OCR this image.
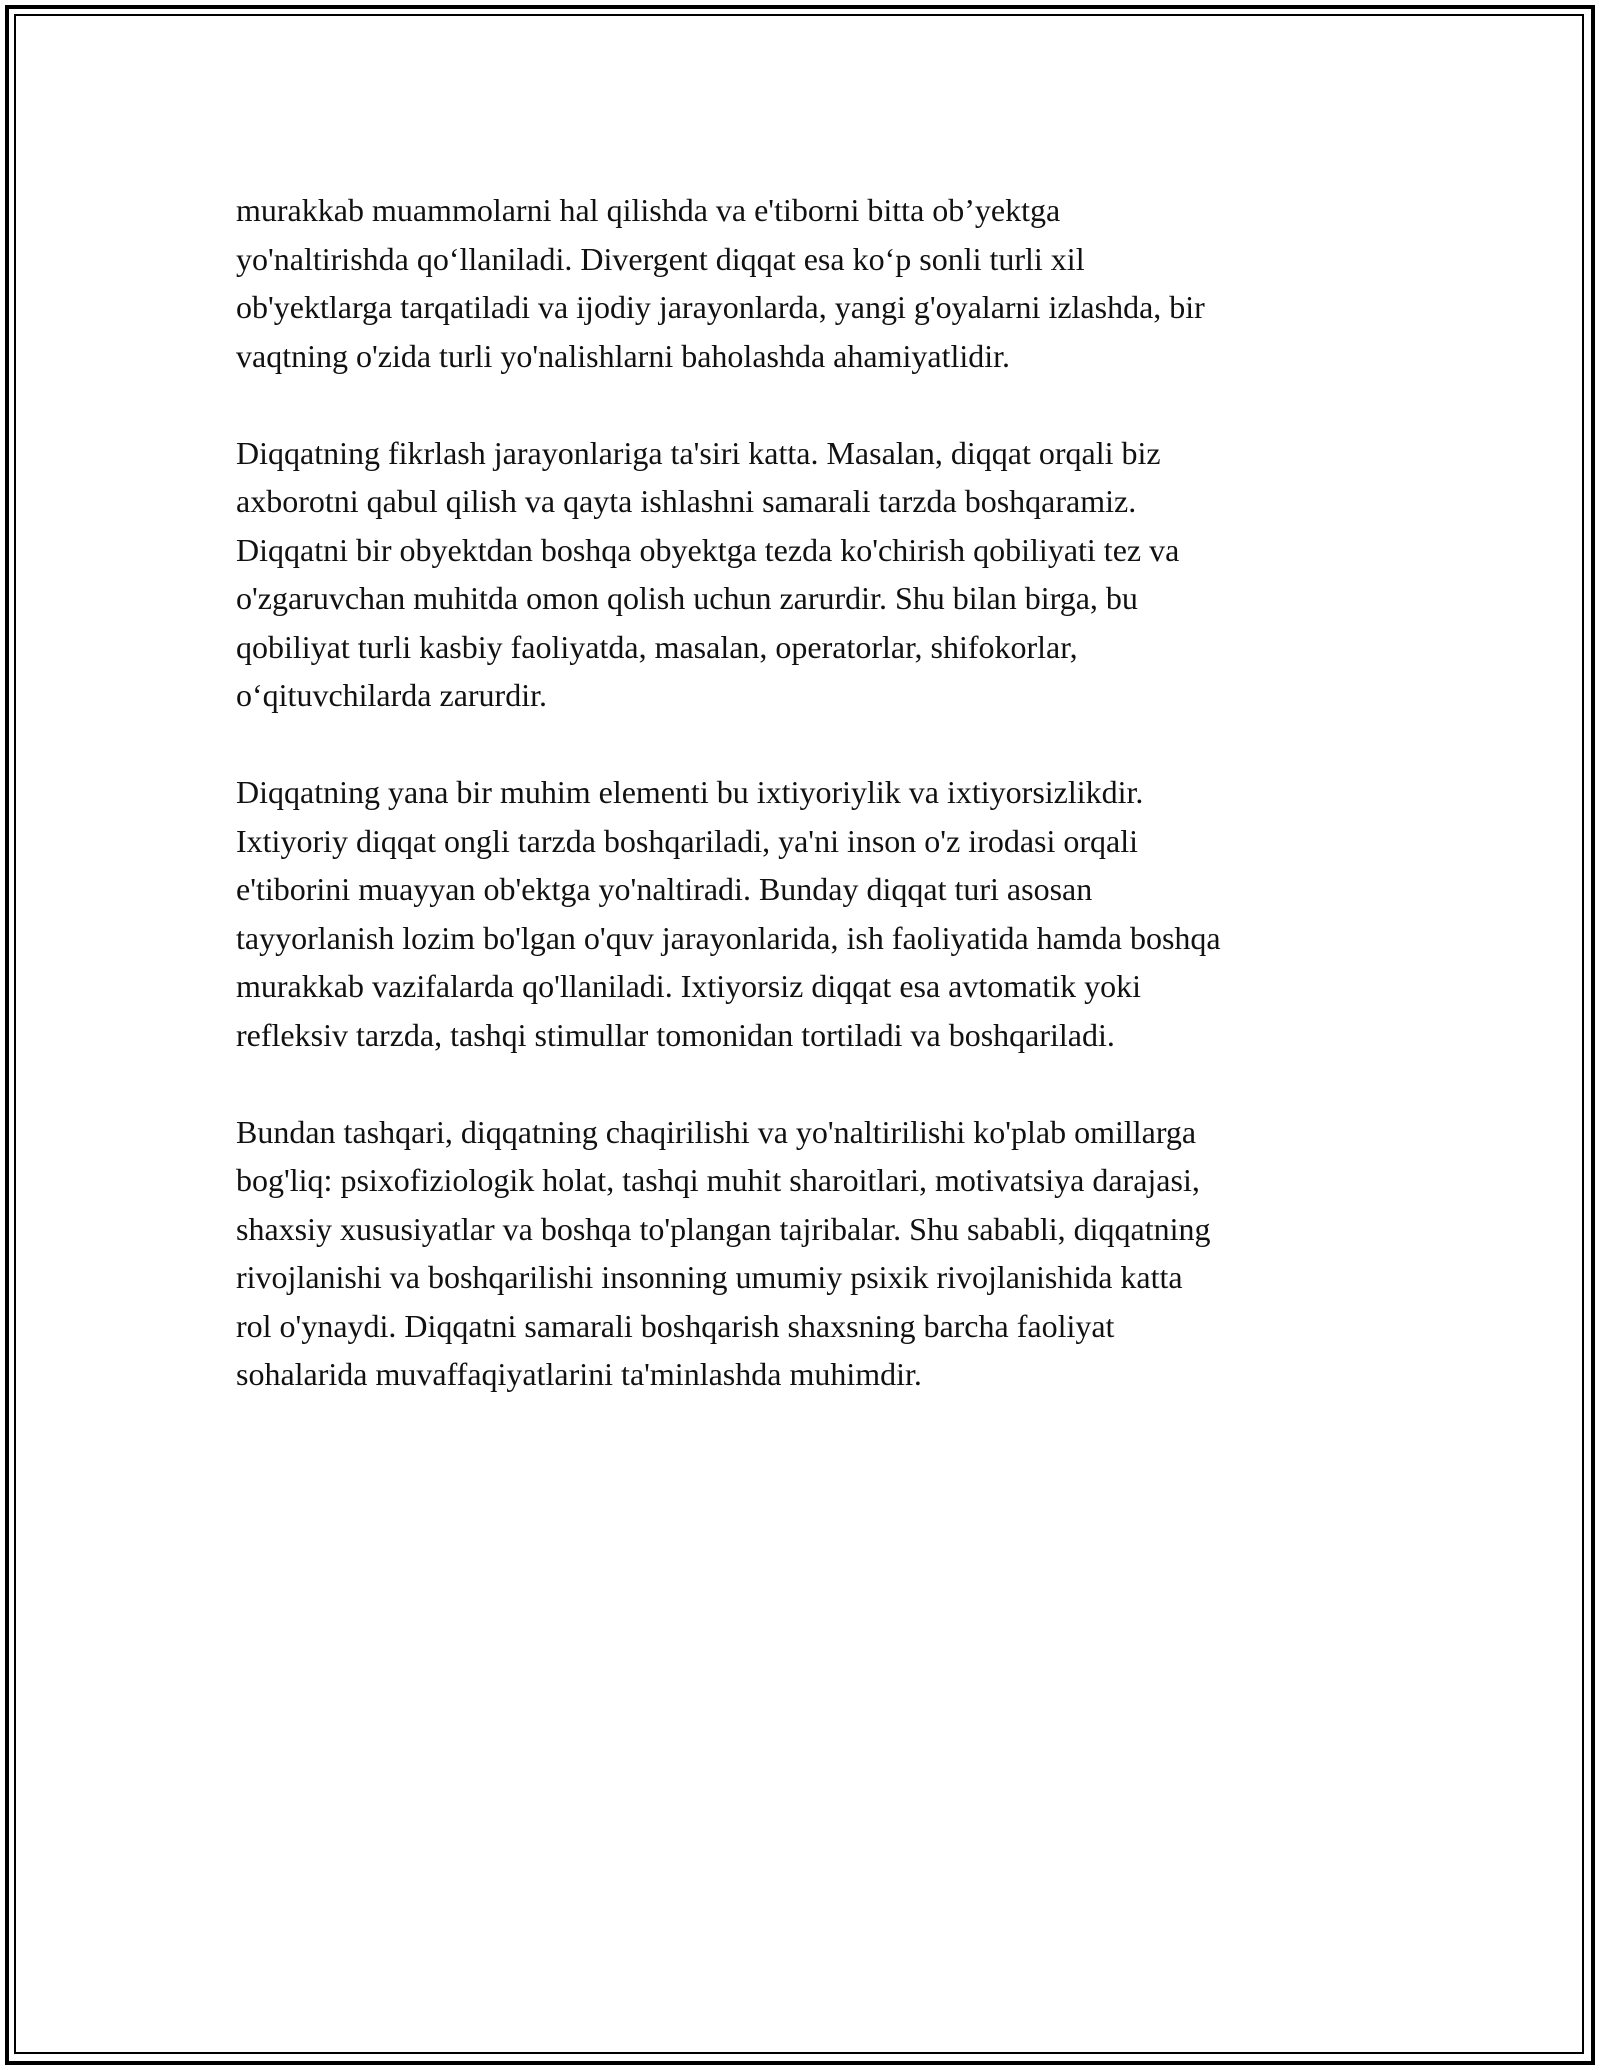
murakkab muammolarni hal qilishda va e'tiborni bitta ob’yektga
yo'naltirishda qo‘llaniladi. Divergent diqqat esa ko‘p sonli turli xil
ob'yektlarga tarqatiladi va ijodiy jarayonlarda, yangi g'oyalarni izlashda, bir
vaqtning o'zida turli yo'nalishlarni baholashda ahamiyatlidir.

Diqqatning fikrlash jarayonlariga ta'siri katta. Masalan, diqqat orqali biz
axborotni qabul qilish va qayta ishlashni samarali tarzda boshqaramiz.
Diqqatni bir obyektdan boshqa obyektga tezda ko'chirish qobiliyati tez va
o'zgaruvchan muhitda omon qolish uchun zarurdir. Shu bilan birga, bu
qobiliyat turli kasbiy faoliyatda, masalan, operatorlar, shifokorlar,
o‘qituvchilarda zarurdir.

Diqqatning yana bir muhim elementi bu ixtiyoriylik va ixtiyorsizlikdir.
Ixtiyoriy diqqat ongli tarzda boshqariladi, ya'ni inson o'z irodasi orqali
e'tiborini muayyan ob'ektga yo'naltiradi. Bunday diqqat turi asosan
tayyorlanish lozim bo'lgan o'quv jarayonlarida, ish faoliyatida hamda boshqa
murakkab vazifalarda qo'llaniladi. Ixtiyorsiz diqqat esa avtomatik yoki
refleksiv tarzda, tashqi stimullar tomonidan tortiladi va boshqariladi.

Bundan tashqari, diqqatning chaqirilishi va yo'naltirilishi ko'plab omillarga
bog'liq: psixofiziologik holat, tashqi muhit sharoitlari, motivatsiya darajasi,
shaxsiy xususiyatlar va boshqa to'plangan tajribalar. Shu sababli, diqqatning
rivojlanishi va boshqarilishi insonning umumiy psixik rivojlanishida katta
rol o'ynaydi. Diqqatni samarali boshqarish shaxsning barcha faoliyat
sohalarida muvaffaqiyatlarini ta'minlashda muhimdir.
